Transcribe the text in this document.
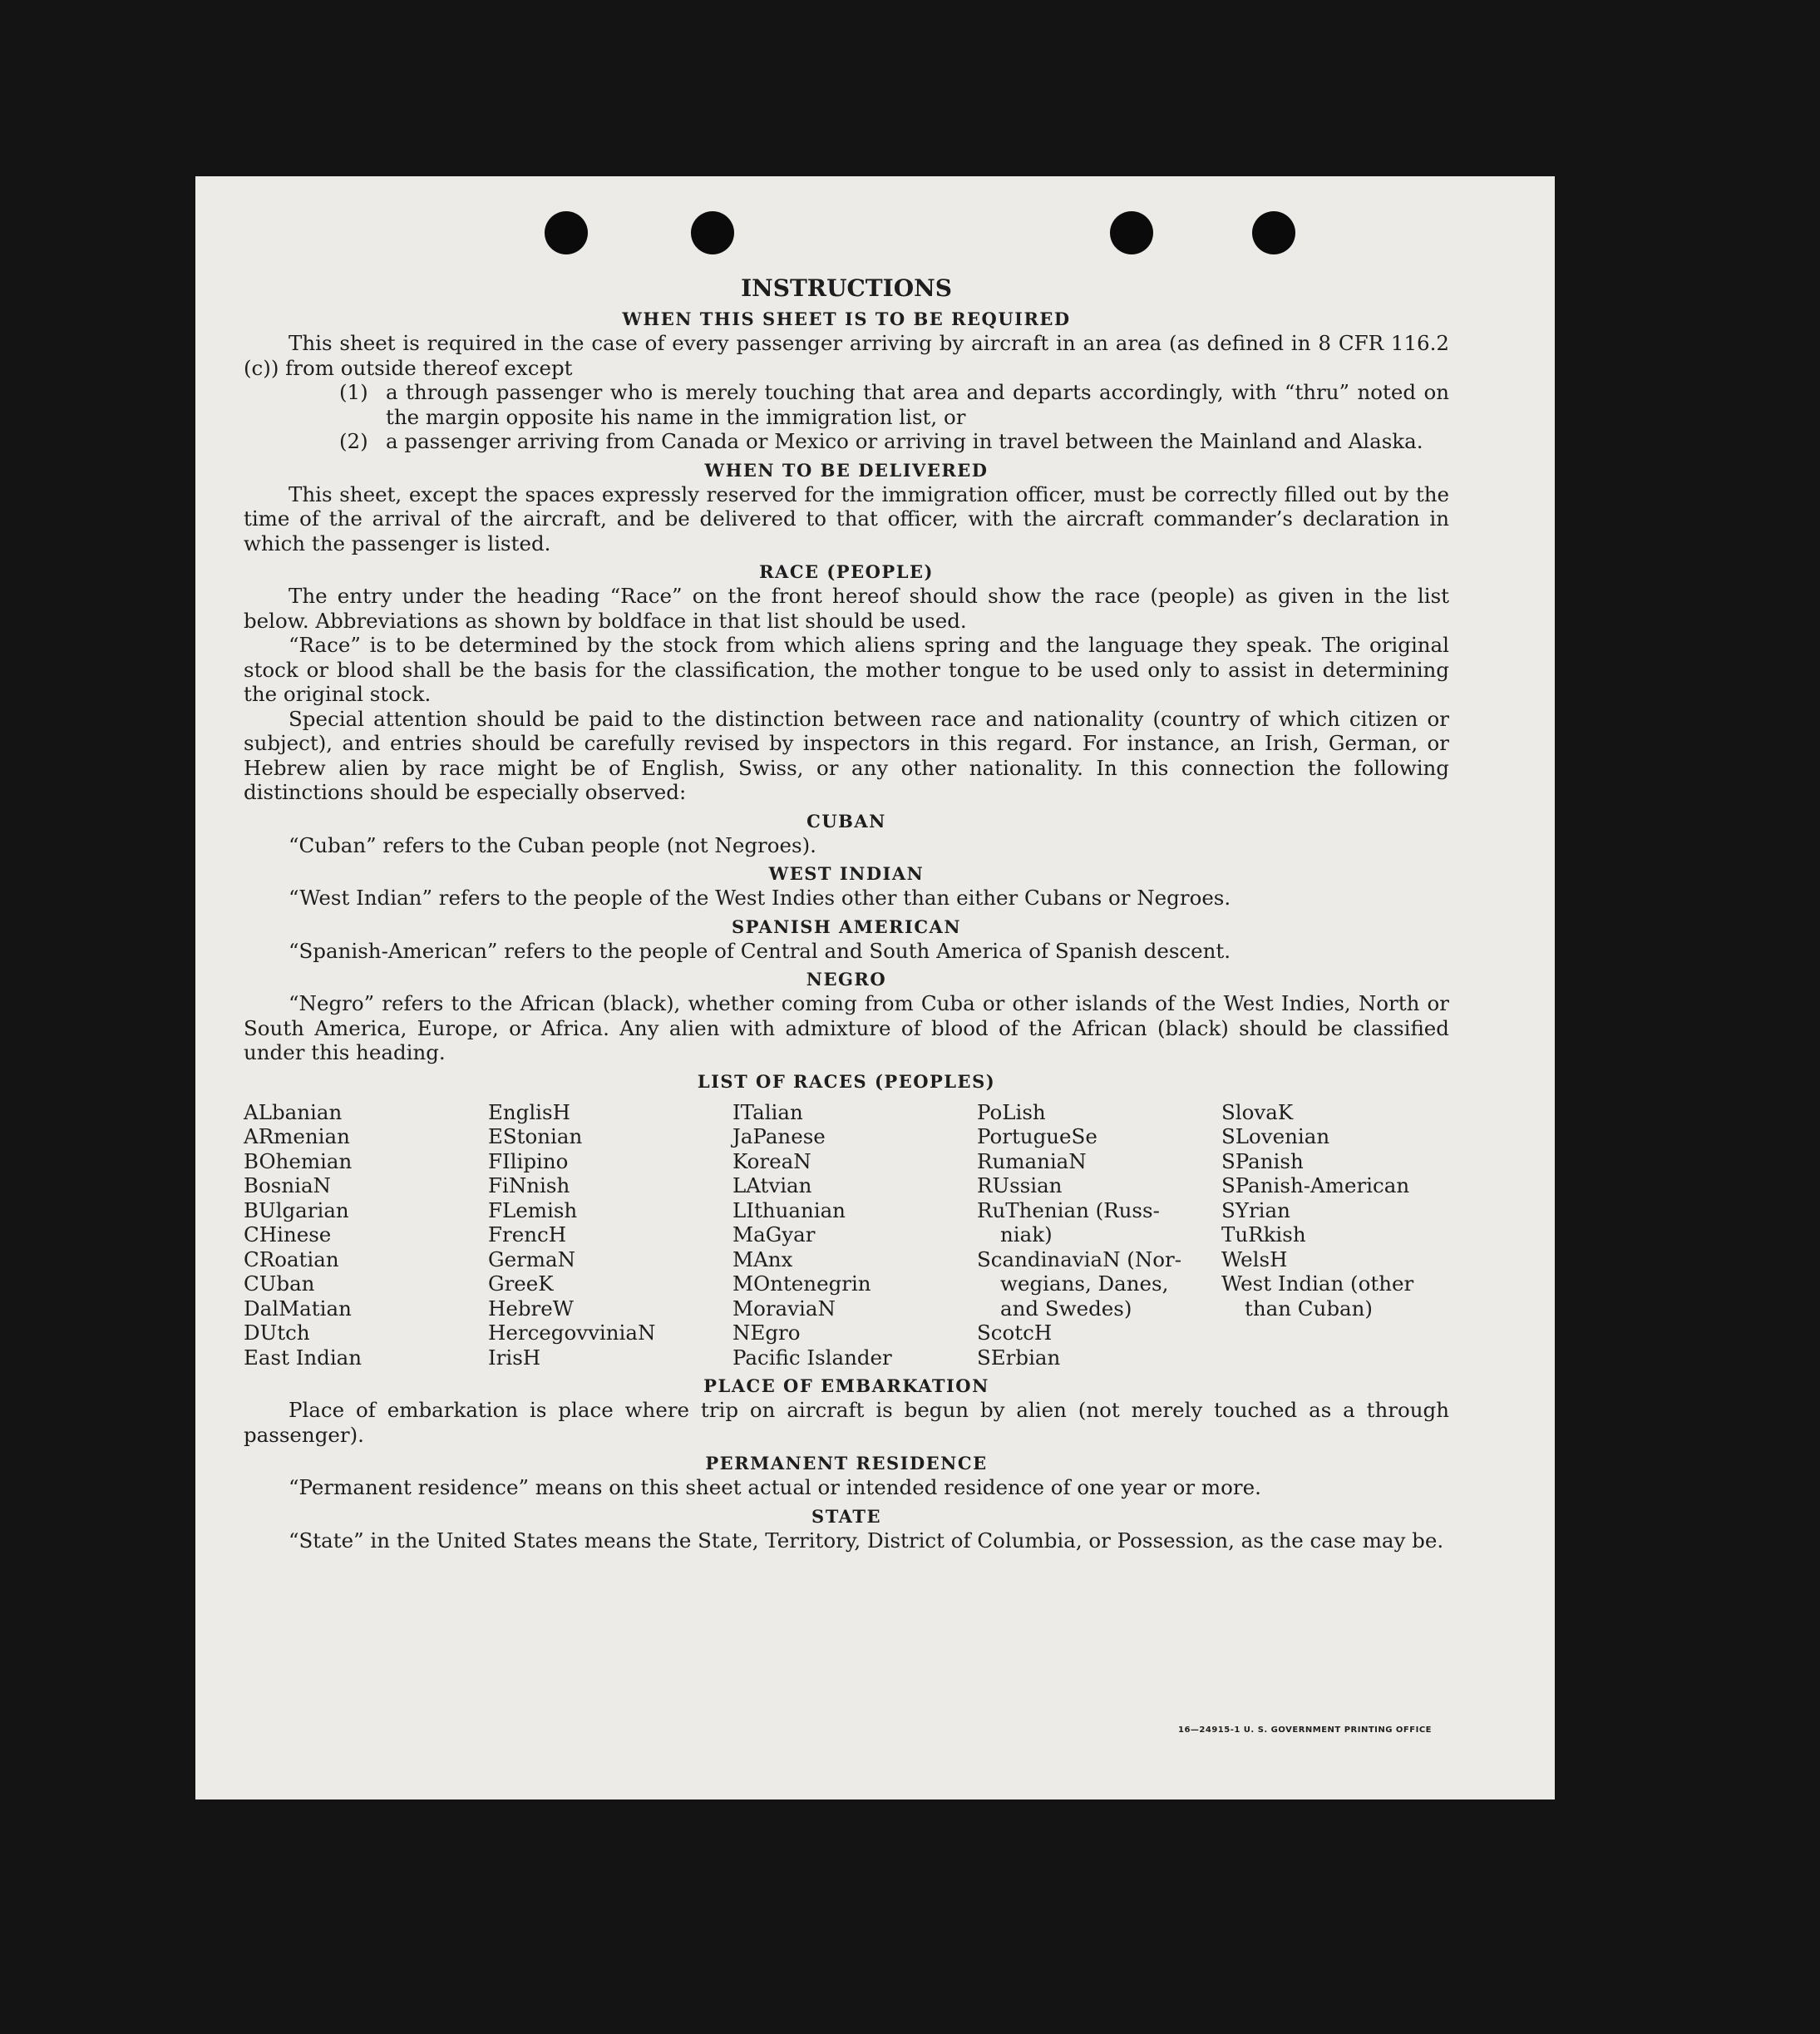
INSTRUCTIONS
WHEN THIS SHEET IS TO BE REQUIRED

This sheet is required in the case of every passenger arriving by aircraft in an area (as defined in 8 CFR 116.2 (c)) from outside thereof except

(1) a through passenger who is merely touching that area and departs accordingly, with “thru” noted on the margin opposite his name in the immigration list, or
(2) a passenger arriving from Canada or Mexico or arriving in travel between the Mainland and Alaska.
WHEN TO BE DELIVERED

This sheet, except the spaces expressly reserved for the immigration officer, must be correctly filled out by the time of the arrival of the aircraft, and be delivered to that officer, with the aircraft commander’s declaration in which the passenger is listed.

RACE (PEOPLE)

The entry under the heading “Race” on the front hereof should show the race (people) as given in the list below. Abbreviations as shown by boldface in that list should be used.

“Race” is to be determined by the stock from which aliens spring and the language they speak. The original stock or blood shall be the basis for the classification, the mother tongue to be used only to assist in determining the original stock.

Special attention should be paid to the distinction between race and nationality (country of which citizen or subject), and entries should be carefully revised by inspectors in this regard. For instance, an Irish, German, or Hebrew alien by race might be of English, Swiss, or any other nationality. In this connection the following distinctions should be especially observed:

CUBAN

“Cuban” refers to the Cuban people (not Negroes).

WEST INDIAN

“West Indian” refers to the people of the West Indies other than either Cubans or Negroes.

SPANISH AMERICAN

“Spanish-American” refers to the people of Central and South America of Spanish descent.

NEGRO

“Negro” refers to the African (black), whether coming from Cuba or other islands of the West Indies, North or South America, Europe, or Africa. Any alien with admixture of blood of the African (black) should be classified under this heading.

LIST OF RACES (PEOPLES)
ALbanian
ARmenian
BOhemian
BosniaN
BUlgarian
CHinese
CRoatian
CUban
DalMatian
DUtch
East Indian
EnglisH
EStonian
FIlipino
FiNnish
FLemish
FrencH
GermaN
GreeK
HebreW
HercegovviniaN
IrisH
ITalian
JaPanese
KoreaN
LAtvian
LIthuanian
MaGyar
MAnx
MOntenegrin
MoraviaN
NEgro
Pacific Islander
PoLish
PortugueSe
RumaniaN
RUssian
RuThenian (Russ-
niak)
ScandinaviaN (Nor-
wegians, Danes,
and Swedes)
ScotcH
SErbian
SlovaK
SLovenian
SPanish
SPanish-American
SYrian
TuRkish
WelsH
West Indian (other
than Cuban)
PLACE OF EMBARKATION

Place of embarkation is place where trip on aircraft is begun by alien (not merely touched as a through passenger).

PERMANENT RESIDENCE

“Permanent residence” means on this sheet actual or intended residence of one year or more.

STATE

“State” in the United States means the State, Territory, District of Columbia, or Possession, as the case may be.

16—24915-1 U. S. GOVERNMENT PRINTING OFFICE
